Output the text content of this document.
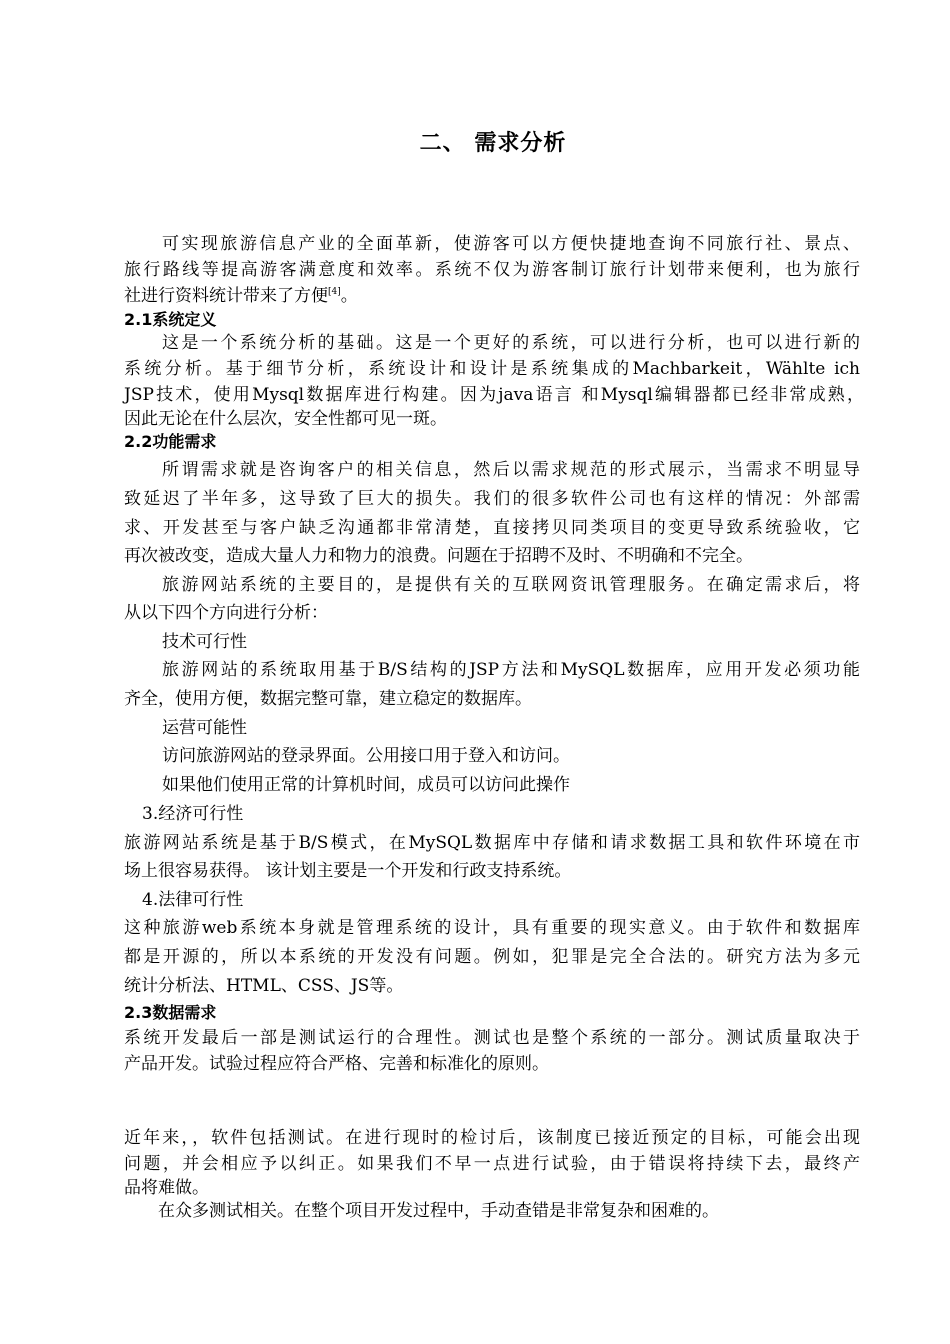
二、 需求分析
可实现旅游信息产业的全面革新，使游客可以方便快捷地查询不同旅行社、景点、
旅行路线等提高游客满意度和效率。系统不仅为游客制订旅行计划带来便利，也为旅行
社进行资料统计带来了方便[4]。
2.1系统定义
这是一个系统分析的基础。这是一个更好的系统，可以进行分析，也可以进行新的
系统分析。基于细节分析，系统设计和设计是系统集成的Machbarkeit，Wählte ich
JSP技术，使用Mysql数据库进行构建。因为java语言 和Mysql编辑器都已经非常成熟，
因此无论在什么层次，安全性都可见一斑。
2.2功能需求
所谓需求就是咨询客户的相关信息，然后以需求规范的形式展示，当需求不明显导
致延迟了半年多，这导致了巨大的损失。我们的很多软件公司也有这样的情况：外部需
求、开发甚至与客户缺乏沟通都非常清楚，直接拷贝同类项目的变更导致系统验收，它
再次被改变，造成大量人力和物力的浪费。问题在于招聘不及时、不明确和不完全。
旅游网站系统的主要目的，是提供有关的互联网资讯管理服务。在确定需求后，将
从以下四个方向进行分析：
技术可行性
旅游网站的系统取用基于B/S结构的JSP方法和MySQL数据库，应用开发必须功能
齐全，使用方便，数据完整可靠，建立稳定的数据库。
运营可能性
访问旅游网站的登录界面。公用接口用于登入和访问。
如果他们使用正常的计算机时间，成员可以访问此操作
3.经济可行性
旅游网站系统是基于B/S模式，在MySQL数据库中存储和请求数据工具和软件环境在市
场上很容易获得。 该计划主要是一个开发和行政支持系统。
4.法律可行性
这种旅游web系统本身就是管理系统的设计，具有重要的现实意义。由于软件和数据库
都是开源的，所以本系统的开发没有问题。例如，犯罪是完全合法的。研究方法为多元
统计分析法、HTML、CSS、JS等。
2.3数据需求
系统开发最后一部是测试运行的合理性。测试也是整个系统的一部分。测试质量取决于
产品开发。试验过程应符合严格、完善和标准化的原则。
近年来，，软件包括测试。在进行现时的检讨后，该制度已接近预定的目标，可能会出现
问题，并会相应予以纠正。如果我们不早一点进行试验，由于错误将持续下去，最终产
品将难做。
在众多测试相关。在整个项目开发过程中，手动查错是非常复杂和困难的。
